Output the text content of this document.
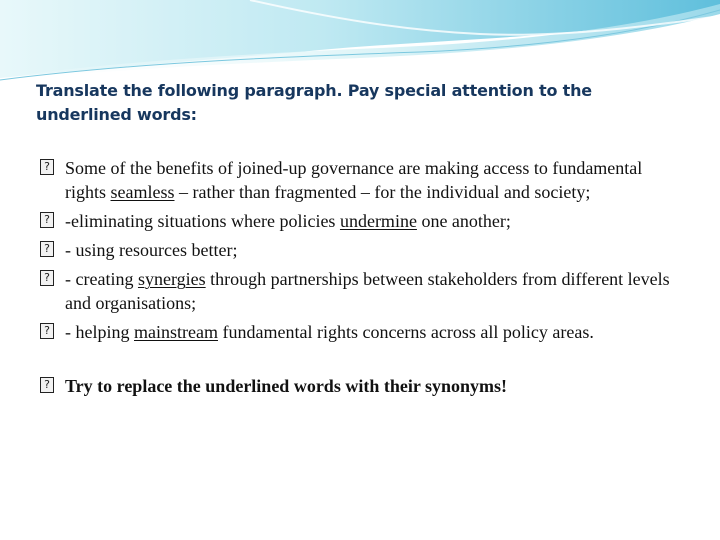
Translate the following paragraph. Pay special attention to the underlined words:
? Some of the benefits of joined-up governance are making access to fundamental rights seamless – rather than fragmented – for the individual and society;
? -eliminating situations where policies undermine one another;
? - using resources better;
? - creating synergies through partnerships between stakeholders from different levels and organisations;
? - helping mainstream fundamental rights concerns across all policy areas.
? Try to replace the underlined words with their synonyms!
